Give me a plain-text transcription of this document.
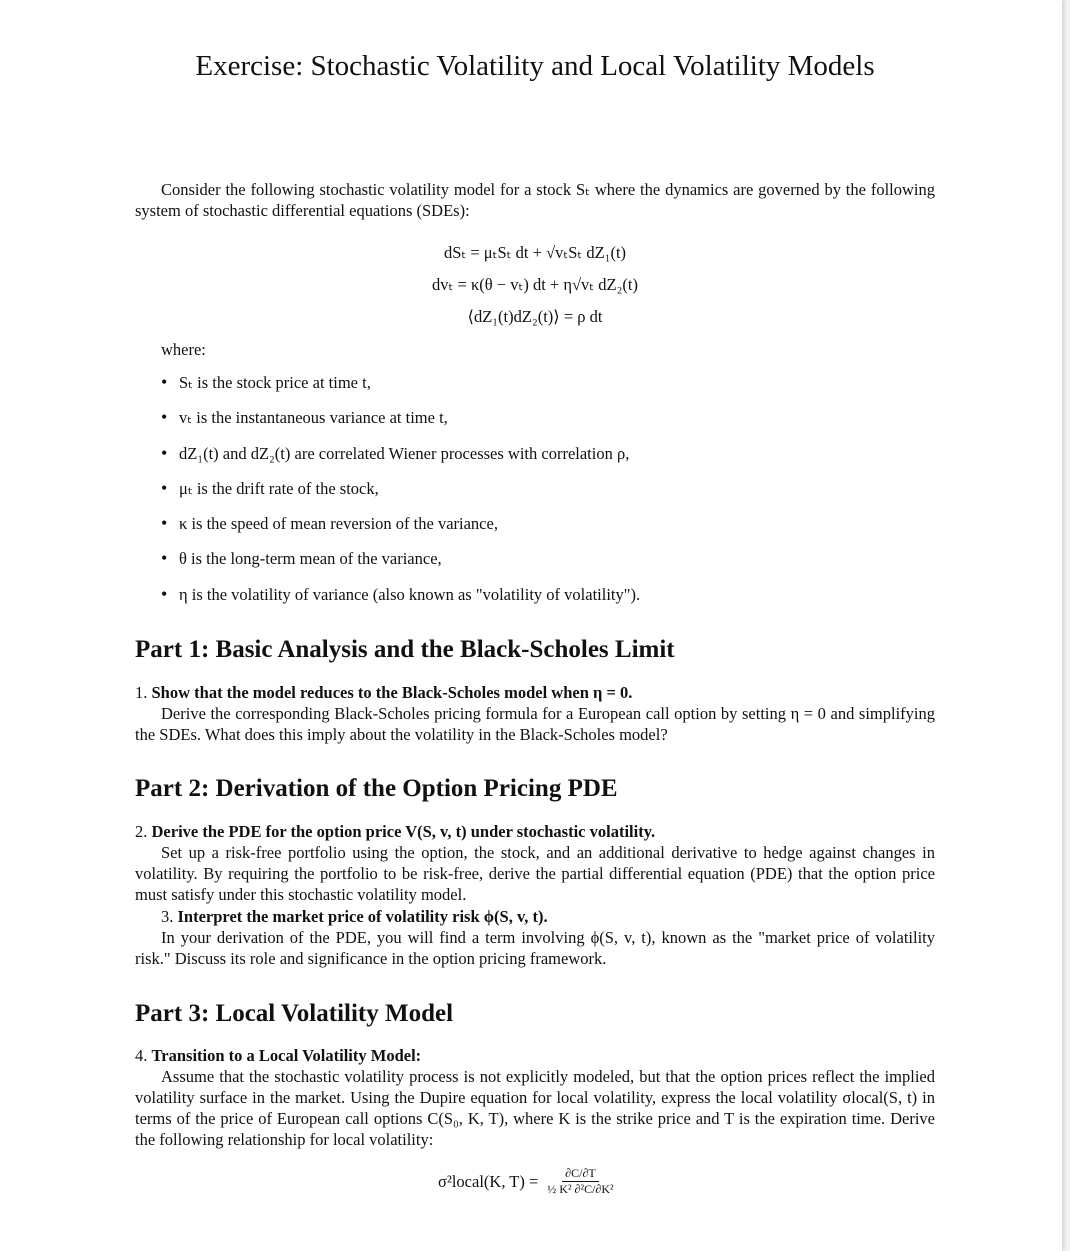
Exercise: Stochastic Volatility and Local Volatility Models
Consider the following stochastic volatility model for a stock Sₜ where the dynamics are governed by the following system of stochastic differential equations (SDEs):
dSₜ = μₜSₜ dt + √vₜSₜ dZ₁(t)
dvₜ = κ(θ − vₜ) dt + η√vₜ dZ₂(t)
⟨dZ₁(t)dZ₂(t)⟩ = ρ dt
where:
• Sₜ is the stock price at time t,
• vₜ is the instantaneous variance at time t,
• dZ₁(t) and dZ₂(t) are correlated Wiener processes with correlation ρ,
• μₜ is the drift rate of the stock,
• κ is the speed of mean reversion of the variance,
• θ is the long-term mean of the variance,
• η is the volatility of variance (also known as "volatility of volatility").
Part 1: Basic Analysis and the Black-Scholes Limit
1. Show that the model reduces to the Black-Scholes model when η = 0.
Derive the corresponding Black-Scholes pricing formula for a European call option by setting η = 0 and simplifying the SDEs. What does this imply about the volatility in the Black-Scholes model?
Part 2: Derivation of the Option Pricing PDE
2. Derive the PDE for the option price V(S, v, t) under stochastic volatility.
Set up a risk-free portfolio using the option, the stock, and an additional derivative to hedge against changes in volatility. By requiring the portfolio to be risk-free, derive the partial differential equation (PDE) that the option price must satisfy under this stochastic volatility model.
3. Interpret the market price of volatility risk ϕ(S, v, t).
In your derivation of the PDE, you will find a term involving ϕ(S, v, t), known as the "market price of volatility risk." Discuss its role and significance in the option pricing framework.
Part 3: Local Volatility Model
4. Transition to a Local Volatility Model:
Assume that the stochastic volatility process is not explicitly modeled, but that the option prices reflect the implied volatility surface in the market. Using the Dupire equation for local volatility, express the local volatility σlocal(S, t) in terms of the price of European call options C(S₀, K, T), where K is the strike price and T is the expiration time. Derive the following relationship for local volatility:
σ²local(K, $T) = \frac{\partial C/\partial T}{\text{½ K² ∂²C/∂K²}}$
